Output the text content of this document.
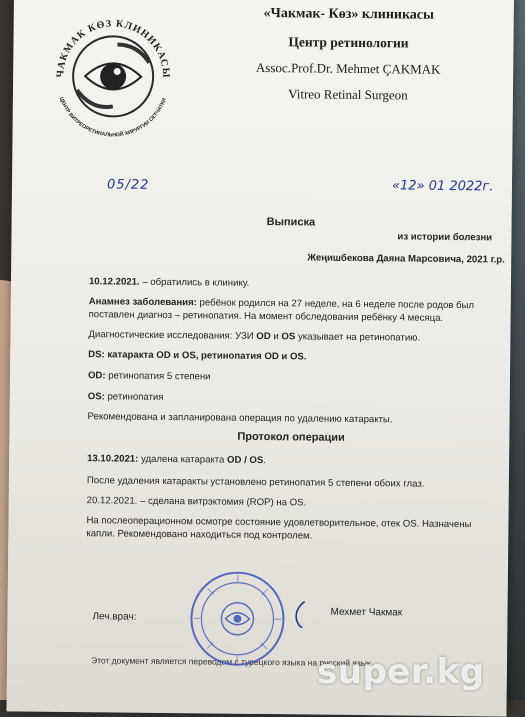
ЧАКМАК КӨЗ КЛИНИКАСЫ
ЦЕНТР ВИТРЕОРЕТИНАЛЬНОЙ ХИРУРГИИ СЕТЧАТКИ
«Чакмак- Көз» клиникасы
Центр ретинологии
Assoc.Prof.Dr. Mehmet ÇAKMAK
Vitreo Retinal Surgeon
05/22	«12» 01 2022г.
Выписка
из истории болезни
Жеңишбекова Даяна Марсовича, 2021 г.р.
10.12.2021. – обратились в клинику.
Анамнез заболевания: ребёнок родился на 27 неделе, на 6 неделе после родов был поставлен диагноз – ретинопатия. На момент обследования ребёнку 4 месяца.
Диагностические исследования: УЗИ OD и OS указывает на ретинопатию.
DS: катаракта OD и OS, ретинопатия OD и OS.
OD: ретинопатия 5 степени
OS: ретинопатия
Рекомендована и запланирована операция по удалению катаракты.
Протокол операции
13.10.2021: удалена катаракта OD / OS.
После удаления катаракты установлено ретинопатия 5 степени обоих глаз.
20.12.2021. – сделана витрэктомия (ROP) на OS.
На послеоперационном осмотре состояние удовлетворительное, отек OS. Назначены капли. Рекомендовано находиться под контролем.
Леч.врач:	Мехмет Чакмак
Этот документ является переводом с турецкого языка на русский язык
super.kg
